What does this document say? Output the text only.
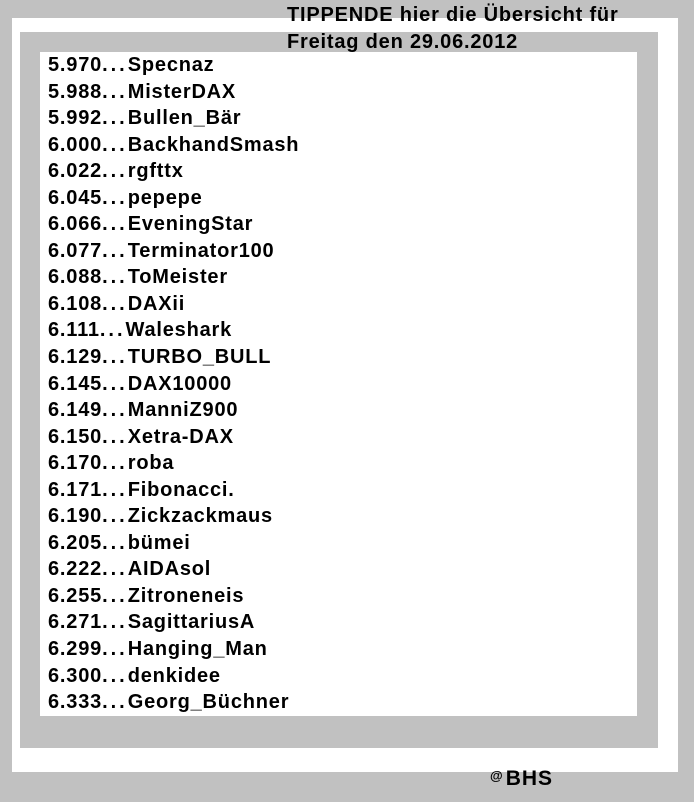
5.970...Specnaz
5.988...MisterDAX
5.992...Bullen_Bär
6.000...BackhandSmash
6.022...rgfttx
6.045...pepepe
6.066...EveningStar
6.077...Terminator100
6.088...ToMeister
6.108...DAXii
6.111...Waleshark
6.129...TURBO_BULL
6.145...DAX10000
6.149...ManniZ900
6.150...Xetra-DAX
6.170...roba
6.171...Fibonacci.
6.190...Zickzackmaus
6.205...bümei
6.222...AIDAsol
6.255...Zitroneneis
6.271...SagittariusA
6.299...Hanging_Man
6.300...denkidee
6.333...Georg_Büchner
TIPPENDE hier die Übersicht für
Freitag den 29.06.2012
@ BHS
